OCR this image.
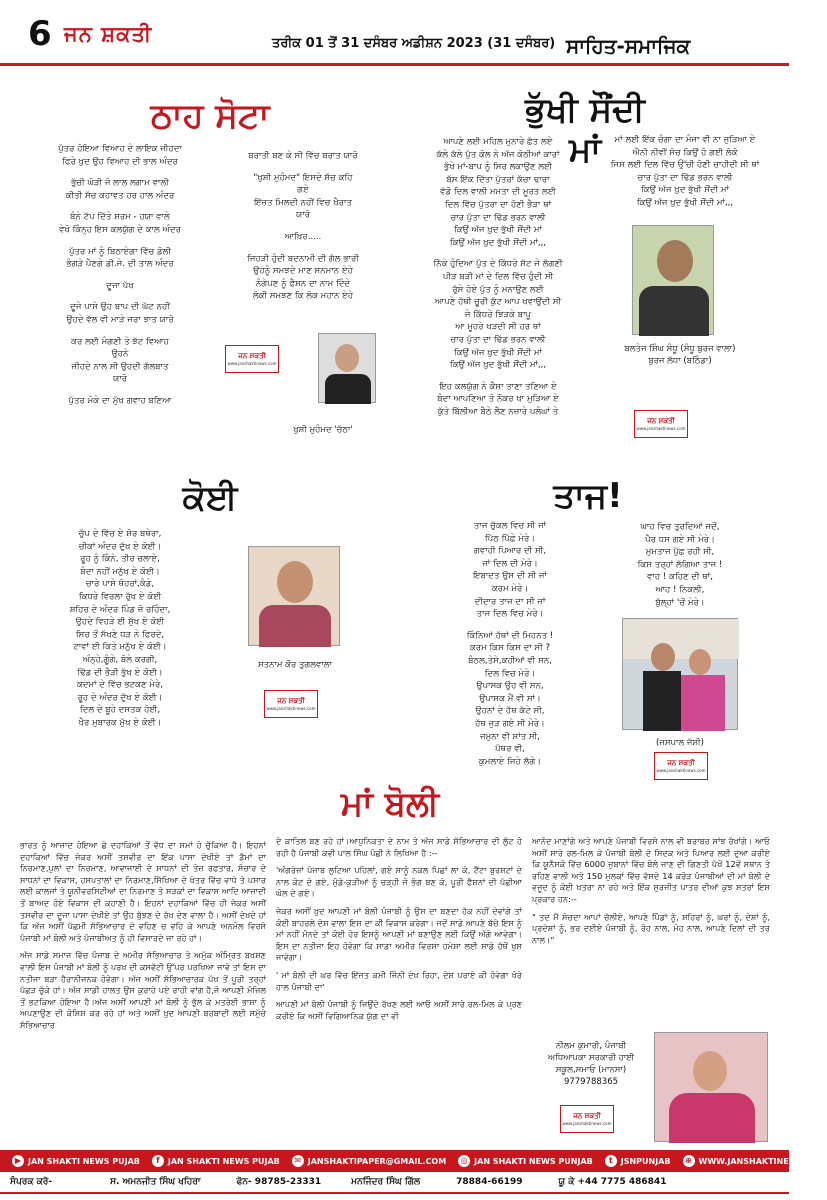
6 ਜਨ ਸ਼ਕਤੀ	ਤਰੀਕ 01 ਤੋਂ 31 ਦਸੰਬਰ ਅਡੀਸ਼ਨ 2023 (31 ਦਸੰਬਰ) ਸਾਹਿਤ-ਸਮਾਜਿਕ
ਠਾਹ ਸੋਟਾ

ਪੁੱਤਰ ਹੋਇਆ ਵਿਆਹ ਦੇ ਲਾਇਕ ਜੀਹਦਾ

ਫਿਰੇ ਖ਼ੁਦ ਉਹ ਵਿਆਹ ਦੀ ਭਾਲ ਅੰਦਰ

ਭੁੱਚੀ ਘੋੜੀ ਜੋ ਲਾਲ ਲਗਾਮ ਵਾਲੀ

ਕੀਤੀ ਸੱਚ ਕਹਾਵਤ ਹਰ ਹਾਲ ਅੰਦਰ

ਬੰਨੇ ਟੱਪ ਦਿੱਤੇ ਸ਼ਰਮ - ਹਯਾ ਵਾਲੇ

ਵੇਖੋ ਕਿੰਨ੍ਹ ਇਸ ਕਲਯੁੱਗ ਦੇ ਕਾਲ ਅੰਦਰ

ਪੁੱਤਰ ਮਾਂ ਨੂੰ ਬਿਠਾਏਗਾ ਵਿੱਚ ਡੋਲੀ

ਭੰਗੜੇ ਪੈਣਗੇ ਡੀ.ਜੇ. ਦੀ ਤਾਲ ਅੰਦਰ

ਦੂਜਾ ਪੱਖ

ਦੂਜੇ ਪਾਸੇ ਉਹ ਬਾਪ ਦੀ ਘੱਟ ਨਹੀਂ

ਉਹਦੇ ਵੱਲ ਵੀ ਮਾੜੇ ਜਰਾ ਝਾਤ ਯਾਰੋ

ਕਰ ਲਈ ਮੰਗਣੀ ਤੇ ਝੱਟ ਵਿਆਹ

ਉਹਨੇ

ਜੀਹਦੇ ਨਾਲ ਸੀ ਉਹਦੀ ਗੱਲਬਾਤ

ਯਾਰੋ

ਪੁੱਤਰ ਮੋਕੇ ਦਾ ਮੁੱਖ ਗਵਾਹ ਬਣਿਆ

ਬਰਾਤੀ ਬਣ ਕੇ ਸੀ ਵਿੱਚ ਬਰਾਤ ਯਾਰੋ

"ਖੁਸ਼ੀ ਮੁਹੰਮਦ" ਇਸਦੇ ਸੱਚ ਕਹਿ

ਗਏ

ਇੱਜ਼ਤ ਮਿਲਦੀ ਨਹੀਂ ਵਿਚ ਖ਼ੈਰਾਤ

ਯਾਰੋ

ਆਖ਼ਿਰ.....

ਜਿਹੜੀ ਹੁੰਦੀ ਬਦਨਾਮੀ ਦੀ ਗੱਲ ਭਾਰੀ

ਉਹਨੂੰ ਸਮਝਦੇ ਮਾਣ ਸਨਮਾਨ ਏਹੇ

ਨੰਗੇਪਣ ਨੂੰ ਫੈਸ਼ਨ ਦਾ ਨਾਮ ਦਿੰਦੇ

ਲੋਕੀ ਸਮਝਣ ਕਿ ਲੋਕ ਮਹਾਨ ਏਹੇ

ਜਨ ਸ਼ਕਤੀ
www.janshaktinews.com
ਖੁਸ਼ੀ ਮੁਹੰਮਦ 'ਚੱਠਾ'
ਭੁੱਖੀ ਸੌਂਦੀ ਮਾਂ

ਆਪਣੇ ਲਈ ਮਹਿਲ ਮੁਨਾਰੇ ਛੱਤ ਲਏ

ਕੱਲੇ ਕੱਲੇ ਪੁੱਤ ਕੋਲ ਨੇ ਅੱਜ ਕੋਠੀਆਂ ਕਾਰਾਂ

ਭੁੱਖੇ ਮਾਂ-ਬਾਪ ਨੂੰ ਸਿਰ ਲਕਾਉਣ ਲਈ

ਬੱਸ ਇੱਕ ਦਿੱਤਾ ਪੁੱਤਰਾਂ ਕੱਚਾ ਢਾਰਾ

ਵੱਡੋ ਦਿਲ ਵਾਲੀ ਮਮਤਾ ਦੀ ਮੂਰਤ ਲਈ

ਦਿਲ ਵਿੱਚ ਪੁੱਤਰਾ ਦਾ ਹੋਣੀ ਭੈੜਾ ਥਾਂ

ਚਾਰ ਪੁੱਤਾ ਦਾ ਢਿੱਡ ਭਰਨ ਵਾਲੀ

ਕਿਉਂ ਅੱਜ ਖ਼ੁਦ ਭੁੱਖੀ ਸੌਂਦੀ ਮਾਂ

ਕਿਉਂ ਅੱਜ ਖ਼ੁਦ ਭੁੱਖੀ ਸੌਂਦੀ ਮਾਂ,,,

ਨਿੱਕੇ ਹੁੰਦਿਆ ਪੁੱਤ ਦੇ ਕਿੱਧਰੇ ਸੱਟ ਜੇ ਲੱਗਣੀ

ਪੀੜ ਬੜੀ ਮਾਂ ਦੇ ਦਿਲ ਵਿੱਚ ਹੁੰਦੀ ਸੀ

ਰੁੱਸੇ ਹੋਏ ਪੁੱਤ ਨੂੰ ਮਨਾਉਣ ਲਈ

ਆਪਣੇ ਹੱਥੀ ਚੂਰੀ ਕੁੱਟ ਆਪ ਖਵਾਉਂਦੀ ਸੀ

ਜੇ ਕਿੱਧਰੇ ਝਿੜਕੇ ਬਾਪੂ

ਆ ਮੂਹਰੇ ਖੜਦੀ ਸੀ ਹਰ ਥਾਂ

ਚਾਰ ਪੁੱਤਾ ਦਾ ਢਿੱਡ ਭਰਨ ਵਾਲੀ

ਕਿਉਂ ਅੱਜ ਖ਼ੁਦ ਭੁੱਖੀ ਸੌਂਦੀ ਮਾਂ

ਕਿਉਂ ਅੱਜ ਖ਼ੁਦ ਭੁੱਖੀ ਸੌਂਦੀ ਮਾਂ,,,

ਇਹ ਕਲਯੁੱਗ ਨੇ ਕੈਸਾ ਤਾਣਾ ਤਣਿਆ ਏ

ਬੰਦਾ ਆਪਣਿਆ ਤੋ ਨੌਕਰ ਖਾ ਮੁੜਿਆ ਏ

ਕੁੱਤੇ ਬਿੱਲੀਆ ਬੈਠੇ ਲੈਣ ਨਜ਼ਾਰੇ ਪਲੰਘਾਂ ਤੇ

ਮਾਂ ਲਈ ਇੱਕ ਚੰਗਾ ਦਾ ਮੰਜਾ ਵੀ ਨਾ ਜੁੜਿਆ ਏ

ਐਨੀ ਨੀਵੀਂ ਸੋਚ ਕਿਉਂ ਹੋ ਗਈ ਲੋਕੋ

ਜਿਸ ਲਈ ਦਿਲ ਵਿੱਚ ਉੱਚੀ ਹੋਣੀ ਚਾਹੀਦੀ ਸੀ ਥਾਂ

ਚਾਰ ਪੁੱਤਾ ਦਾ ਢਿੱਡ ਭਰਨ ਵਾਲੀ

ਕਿਉਂ ਅੱਜ ਖ਼ੁਦ ਭੁੱਖੀ ਸੌਂਦੀ ਮਾਂ

ਕਿਉਂ ਅੱਜ ਖ਼ੁਦ ਭੁੱਖੀ ਸੌਂਦੀ ਮਾਂ,,,

ਬਲਤੇਜ ਸਿੰਘ ਸੰਧੂ (ਸੰਧੂ ਬੁਰਜ ਵਾਲਾ)
ਬੁਰਜ ਲੱਧਾ (ਬਠਿੰਡਾ)
ਜਨ ਸ਼ਕਤੀ
www.janshaktinews.com
ਕੋਈ

ਚੁੱਪ ਦੇ ਵਿੱਚ ਏ ਸ਼ੋਰ ਬਥੇਰਾ,

ਚੀਕਾਂ ਅੰਦਰ ਦੁੱਖ ਏ ਕੋਈ।

ਰੂਹ ਨੂੰ ਕਿੰਨੇ, ਤੀਰ ਚਲਾਏ,

ਬੰਦਾ ਨਹੀਂ ਮਨੁੱਖ ਏ ਕੋਈ।

ਚਾਰੇ ਪਾਸੇ ਥੋਹਰਾਂ,ਕੰਡੇ,

ਕਿਧਰੇ ਵਿਰਲਾ ਰੁੱਖ ਏ ਕੋਈ

ਸ਼ਹਿਰ ਦੇ ਅੰਦਰ ਪਿੰਡ ਜੋ ਰਹਿੰਦਾ,

ਉਹਦੇ ਵਿਹੜੇ ਈ ਸੁੱਖ ਏ ਕੋਈ

ਸਿਰ ਤੋਂ ਸੱਖਣੇ ਧੜ ਨੇ ਫਿਰਦੇ,

ਟਾਵਾਂ ਈ ਕਿਤੇ ਮਨੁੱਖ ਏ ਕੋਈ।

ਅੰਨ੍ਹੇ,ਗੂੰਗੇ, ਬੋਲੇ ਕਰਗੀ,

ਢਿੱਡ ਦੀ ਭੈੜੀ ਭੁੱਖ ਏ ਕੋਈ।

ਕਦਮਾਂ ਦੇ ਵਿੱਚ ਭਟਕਣ ਮੇਰੇ,

ਰੂਹ ਦੇ ਅੰਦਰ ਦੁੱਖ ਏ ਕੋਈ।

ਦਿਲ ਦੇ ਬੂਹੇ ਦਸਤਕ ਹੋਈ,

ਖ਼ੈਰ ਮੁਬਾਰਕ ਮੁੱਖ ਏ ਕੋਈ।

ਸਤਨਾਮ ਕੌਰ ਤੁਗਲਵਾਲਾ
ਜਨ ਸ਼ਕਤੀ
www.janshaktinews.com
ਤਾਜ!

ਤਾਜ ਚੁੱਕਲ ਵਿਚ ਸੀ ਜਾਂ

ਪਿੱਠ ਪਿੱਛੇ ਮੇਰੇ।

ਗਵਾਹੀ ਪਿਆਰ ਦੀ ਸੀ,

ਜਾਂ ਦਿਲ ਦੀ ਮੇਰੇ।

ਇਬਾਦਤ ਉਸ ਦੀ ਸੀ ਜਾਂ

ਕਰਮ ਮੇਰੇ।

ਦੀਦਾਰ ਤਾਜ ਦਾ ਸੀ ਜਾਂ

ਤਾਜ ਦਿਲ ਵਿਚ ਮੇਰੇ।

ਕਿੰਨਿਆਂ ਹੱਥਾਂ ਦੀ ਮਿਹਨਤ !

ਕਰਮ ਕਿਸ ਕਿਸ ਦਾ ਸੀ ?

ਬੰਠਲ,ਤੇਸੇ,ਕਹੀਆਂ ਵੀ ਸਨ,

ਦਿਲ ਵਿਚ ਮੇਰੇ।

ਉਪਾਸਕ ਉਹ ਵੀ ਸਨ,

ਉਪਾਸਕ ਮੈਂ ਵੀ ਸਾਂ।

ਉਹਨਾਂ ਦੇ ਹੱਥ ਕੱਟੇ ਸੀ,

ਹੱਥ ਜੁੜ ਗਏ ਸੀ ਮੇਰੇ।

ਜਮੁਨਾ ਵੀ ਸ਼ਾਂਤ ਸੀ,

ਪੱਥਰ ਵੀ,

ਕੁਮਲਾਏ ਜਿਹੇ ਲੱਗੇ।

ਘਾਹ ਵਿਚ ਤੁਰਦਿਆਂ ਜਦੋਂ,

ਪੈਰ ਧਸ ਗਏ ਸੀ ਮੇਰੇ।

ਮੁਮਤਾਜ ਪੁੱਛ ਰਹੀ ਸੀ,

ਕਿਸ ਤਰ੍ਹਾਂ ਲੱਗਿਆ ਤਾਜ !

ਵਾਹ ! ਕਹਿਣ ਦੀ ਥਾਂ,

ਆਹ ! ਨਿਕਲੀ,

ਬੁੱਲ੍ਹਾਂ 'ਚੋਂ ਮੇਰੇ।

(ਜਸਪਾਲ ਜੱਸੀ)
ਜਨ ਸ਼ਕਤੀ
www.janshaktinews.com
ਮਾਂ ਬੋਲੀ

ਭਾਰਤ ਨੂੰ ਆਜ਼ਾਦ ਹੋਇਆ ਛੇ ਦਹਾਕਿਆਂ ਤੋਂ ਵੱਧ ਦਾ ਸਮਾਂ ਹੋ ਚੁੱਕਿਆ ਹੈ। ਇਹਨਾਂ ਦਹਾਕਿਆਂ ਵਿੱਚ ਜੇਕਰ ਅਸੀਂ ਤਸਵੀਰ ਦਾ ਇੱਕ ਪਾਸਾ ਦੇਖੀਏ ਤਾਂ ਡੈਮਾਂ ਦਾ ਨਿਰਮਾਣ,ਪੁਲਾਂ ਦਾ ਨਿਰਮਾਣ, ਆਵਾਜਾਈ ਦੇ ਸਾਧਨਾਂ ਦੀ ਤੇਜ਼ ਰਫਤਾਰ, ਸੰਚਾਰ ਦੇ ਸਾਧਨਾਂ ਦਾ ਵਿਕਾਸ, ਹਸਪਤਾਲਾਂ ਦਾ ਨਿਰਮਾਣ,ਸਿੱਖਿਆ ਦੇ ਖੇਤਰ ਵਿੱਚ ਵਾਧੇ ਤੇ ਪਸਾਰ ਲਈ ਕਾਲਜਾਂ ਤੇ ਯੂਨੀਵਰਸਿਟੀਆਂ ਦਾ ਨਿਰਮਾਣ ਤੇ ਸੜਕਾਂ ਦਾ ਵਿਕਾਸ ਆਦਿ ਆਜ਼ਾਦੀ ਤੋਂ ਬਾਅਦ ਹੋਏ ਵਿਕਾਸ ਦੀ ਕਹਾਣੀ ਹੈ। ਇਹਨਾਂ ਦਹਾਕਿਆਂ ਵਿੱਚ ਹੀ ਜੇਕਰ ਅਸੀਂ ਤਸਵੀਰ ਦਾ ਦੂਜਾ ਪਾਸਾ ਦੇਖੀਏ ਤਾਂ ਉਹ ਬੁੱਝਣ ਦੇ ਰੱਖ ਦੇਣ ਵਾਲਾ ਹੈ। ਅਸੀਂ ਦੇਖਦੇ ਹਾਂ ਕਿ ਅੱਜ ਅਸੀਂ ਪੱਛਮੀ ਸੱਭਿਆਚਾਰ ਦੇ ਵਹਿਣ ਚ ਵਹਿ ਕੇ ਆਪਣੇ ਅਨਮੋਲ ਵਿਰਸੇ ਪੰਜਾਬੀ ਮਾਂ ਬੋਲੀ ਅਤੇ ਪੰਜਾਬੀਅਤ ਨੂੰ ਹੀ ਵਿਸਾਰਦੇ ਜਾ ਰਹੇ ਹਾਂ।

ਅੱਜ ਸਾਡੇ ਸਮਾਜ ਵਿੱਚ ਪੰਜਾਬ ਦੇ ਅਮੀਰ ਸੱਭਿਆਚਾਰ ਤੇ ਅਮੁੱਕ ਅੰਮ੍ਰਿਤ ਬਖਸ਼ਣ ਵਾਲੀ ਇਸ ਪੰਜਾਬੀ ਮਾਂ ਬੋਲੀ ਨੂੰ ਪਰਖ ਦੀ ਕਸਵੱਟੀ ਉੱਪਰ ਪਰਖਿਆ ਜਾਵੇ ਤਾਂ ਇਸ ਦਾ ਨਤੀਜਾ ਬੜਾ ਹੈਰਾਨੀਜਨਕ ਹੋਵੇਗਾ। ਅੱਜ ਅਸੀਂ ਸੱਭਿਆਚਾਰਕ ਪੱਖ ਤੋਂ ਪੂਰੀ ਤਰ੍ਹਾਂ ਪੱਛੜ ਚੁੱਕੇ ਹਾਂ। ਅੱਜ ਸਾਡੀ ਹਾਲਤ ਉਸ ਕੁਰਾਹੇ ਪਏ ਰਾਹੀ ਵਾਂਗ ਹੈ,ਜੋ ਆਪਣੀ ਮੰਜ਼ਿਲ ਤੋਂ ਭਟਕਿਆ ਹੋਇਆ ਹੈ।ਅੱਜ ਅਸੀਂ ਆਪਣੀ ਮਾਂ ਬੋਲੀ ਨੂੰ ਭੁੱਲ ਕੇ ਮਤਰੇਈ ਭਾਸ਼ਾ ਨੂੰ ਅਪਣਾਉਣ ਦੀ ਕੋਸ਼ਿਸ਼ ਕਰ ਰਹੇ ਹਾਂ ਅਤੇ ਅਸੀਂ ਖ਼ੁਦ ਆਪਣੀ ਬਰਬਾਦੀ ਲਈ ਸਮੁੱਚੇ ਸੱਭਿਆਚਾਰ

ਦੇ ਕਾਤਿਲ ਬਣ ਰਹੇ ਹਾਂ।ਆਧੁਨਿਕਤਾ ਦੇ ਨਾਮ ਤੇ ਅੱਜ ਸਾਡੇ ਸੱਭਿਆਚਾਰ ਦੀ ਲੁੱਟ ਹੋ ਰਹੀ ਹੈ ਪੰਜਾਬੀ ਕਵੀ ਪਾਲ ਸਿੰਘ ਪੰਛੀ ਨੇ ਲਿਖਿਆ ਹੈ :--

'ਅੰਗਰੇਜ਼ਾਂ ਪੰਜਾਬ ਲੁਟਿਆ ਪਹਿਲਾਂ, ਗਏ ਸਾਨੂੰ ਨਕਲ ਪਿਛਾਂ ਲਾ ਕੇ, ਟੈਂਟਾ ਬੁਰਸ਼ਟਾਂ ਦੇ ਨਾਲ ਕੋਟ ਦੇ ਗਏ, ਮੁੰਡੇ-ਕੁੜੀਆਂ ਨੂੰ ਚੜ੍ਹੀ ਜੋ ਭੰਗ ਬਣ ਕੇ, ਪੂਰੀ ਫੈਸ਼ਨਾਂ ਦੀ ਪੱਛੀਆ ਘੋਲ ਦੇ ਗਏ।

ਜੇਕਰ ਅਸੀਂ ਖ਼ੁਦ ਆਪਣੀ ਮਾਂ ਬੋਲੀ ਪੰਜਾਬੀ ਨੂੰ ਉਸ ਦਾ ਬਣਦਾ ਹੱਕ ਨਹੀਂ ਦੇਵਾਂਗੇ ਤਾਂ ਕੋਈ ਬਾਹਰਲੇ ਦੇਸ਼ ਵਾਲਾ ਇਸ ਦਾ ਕੀ ਵਿਕਾਸ ਕਰੇਗਾ। ਜਦੋਂ ਸਾਡੇ ਆਪਣੇ ਬੱਚੇ ਇਸ ਨੂੰ ਮਾਂ ਨਹੀਂ ਮੰਨਦੇ ਤਾਂ ਕੋਈ ਹੋਰ ਇਸਨੂੰ ਆਪਣੀ ਮਾਂ ਬਣਾਉਣ ਲਈ ਕਿਉਂ ਅੱਗੇ ਆਵੇਗਾ। ਇਸ ਦਾ ਨਤੀਜਾ ਇਹ ਹੋਵੇਗਾ ਕਿ ਸਾਡਾ ਅਮੀਰ ਵਿਰਸਾ ਹਮੇਸ਼ਾ ਲਈ ਸਾਡੇ ਹੱਥੋਂ ਖੁਸ ਜਾਵੇਗਾ।

' ਮਾਂ ਬੋਲੀ ਦੀ ਘਰ ਵਿੱਚ ਇੱਜ਼ਤ ਕਮੀ ਜਿੰਨੀ ਦੇਖ ਰਿਹਾ, ਦੇਸ਼ ਪਰਾਏ ਕੀ ਹੋਵੇਗਾ ਖੋਰੇ ਹਾਲ ਪੰਜਾਬੀ ਦਾ'

ਆਪਣੀ ਮਾਂ ਬੋਲੀ ਪੰਜਾਬੀ ਨੂੰ ਜਿਉਂਦੇ ਰੱਖਣ ਲਈ ਆਓ ਅਸੀਂ ਸਾਰੇ ਰਲ-ਮਿਲ ਕੇ ਪ੍ਰਣ ਕਰੀਏ ਕਿ ਅਸੀਂ ਵਿਗਿਆਨਿਕ ਯੁੱਗ ਦਾ ਵੀ

ਆਨੰਦ ਮਾਣਾਂਗੇ ਅਤੇ ਆਪਣੇ ਪੰਜਾਬੀ ਵਿਰਸੇ ਨਾਲ ਵੀ ਬਰਾਬਰ ਸਾਂਝ ਰੱਖਾਂਗੇ। ਆਓ ਅਸੀਂ ਸਾਰੇ ਰਲ-ਮਿਲ ਕੇ ਪੰਜਾਬੀ ਬੋਲੀ ਦੇ ਸਿਦਕ ਅਤੇ ਪਿਆਰ ਲਈ ਦੁਆ ਕਰੀਏ ਕਿ ਯੂਨੈਸਕੋ ਵਿੱਚ 6000 ਜੁਬਾਨਾਂ ਵਿੱਚ ਬੋਲੇ ਜਾਣ ਦੀ ਗਿਣਤੀ ਪੱਖੋਂ 12ਵੇਂ ਸਥਾਨ ਤੇ ਰਹਿਣ ਵਾਲੀ ਅਤੇ 150 ਮੁਲਕਾਂ ਵਿੱਚ ਵੱਸਦੇ 14 ਕਰੋੜ ਪੰਜਾਬੀਆਂ ਦੀ ਮਾਂ ਬੋਲੀ ਦੇ ਵਜੂਦ ਨੂੰ ਕੋਈ ਖ਼ਤਰਾ ਨਾ ਰਹੇ ਅਤੇ ਇੱਕ ਸੁਰਜੀਤ ਪਾਤਰ ਦੀਆਂ ਕੁਝ ਸਤਰਾਂ ਇਸ ਪ੍ਰਕਾਰ ਹਨ:--

" ਤਦ ਮੈਂ ਸੋਚਦਾ ਆਪਾਂ ਚੱਲੀਏ, ਆਪਣੇ ਪਿੰਡਾਂ ਨੂੰ, ਸ਼ਹਿਰਾਂ ਨੂੰ, ਘਰਾਂ ਨੂੰ, ਦੇਸ਼ਾਂ ਨੂੰ, ਪ੍ਰਦੇਸ਼ਾਂ ਨੂੰ, ਭਰ ਦਈਏ ਪੰਜਾਬੀ ਨੂੰ, ਰੋਹ ਨਾਲ, ਮੋਹ ਨਾਲ, ਆਪਣੇ ਦਿਲਾਂ ਦੀ ਤਰ ਨਾਲ।"

ਨੀਲਮ ਕੁਮਾਰੀ, ਪੰਜਾਬੀ

ਅਧਿਆਪਕਾ ਸਰਕਾਰੀ ਹਾਈ

ਸਕੂਲ,ਸਮਾਓ (ਮਾਨਸਾ)

9779788365

ਜਨ ਸ਼ਕਤੀ
www.janshaktinews.com
▶ JAN SHAKTI NEWS PUJAB	f	JAN SHAKTI NEWS PUJAB	✉ JANSHAKTIPAPER@GMAIL.COM	◎ JAN SHAKTI NEWS PUNJAB	t	JSNPUNJAB	⊕ WWW.JANSHAKTINEWS.COM
ਸੰਪਰਕ ਕਰੋ-	ਸ. ਅਮਨਜੀਤ ਸਿੰਘ ਖਹਿਰਾ	ਫੋਨ- 98785-23331	ਮਨਜਿੰਦਰ ਸਿੰਘ ਗਿੱਲ	78884-66199	ਯੂ ਕੇ +44 7775 486841
